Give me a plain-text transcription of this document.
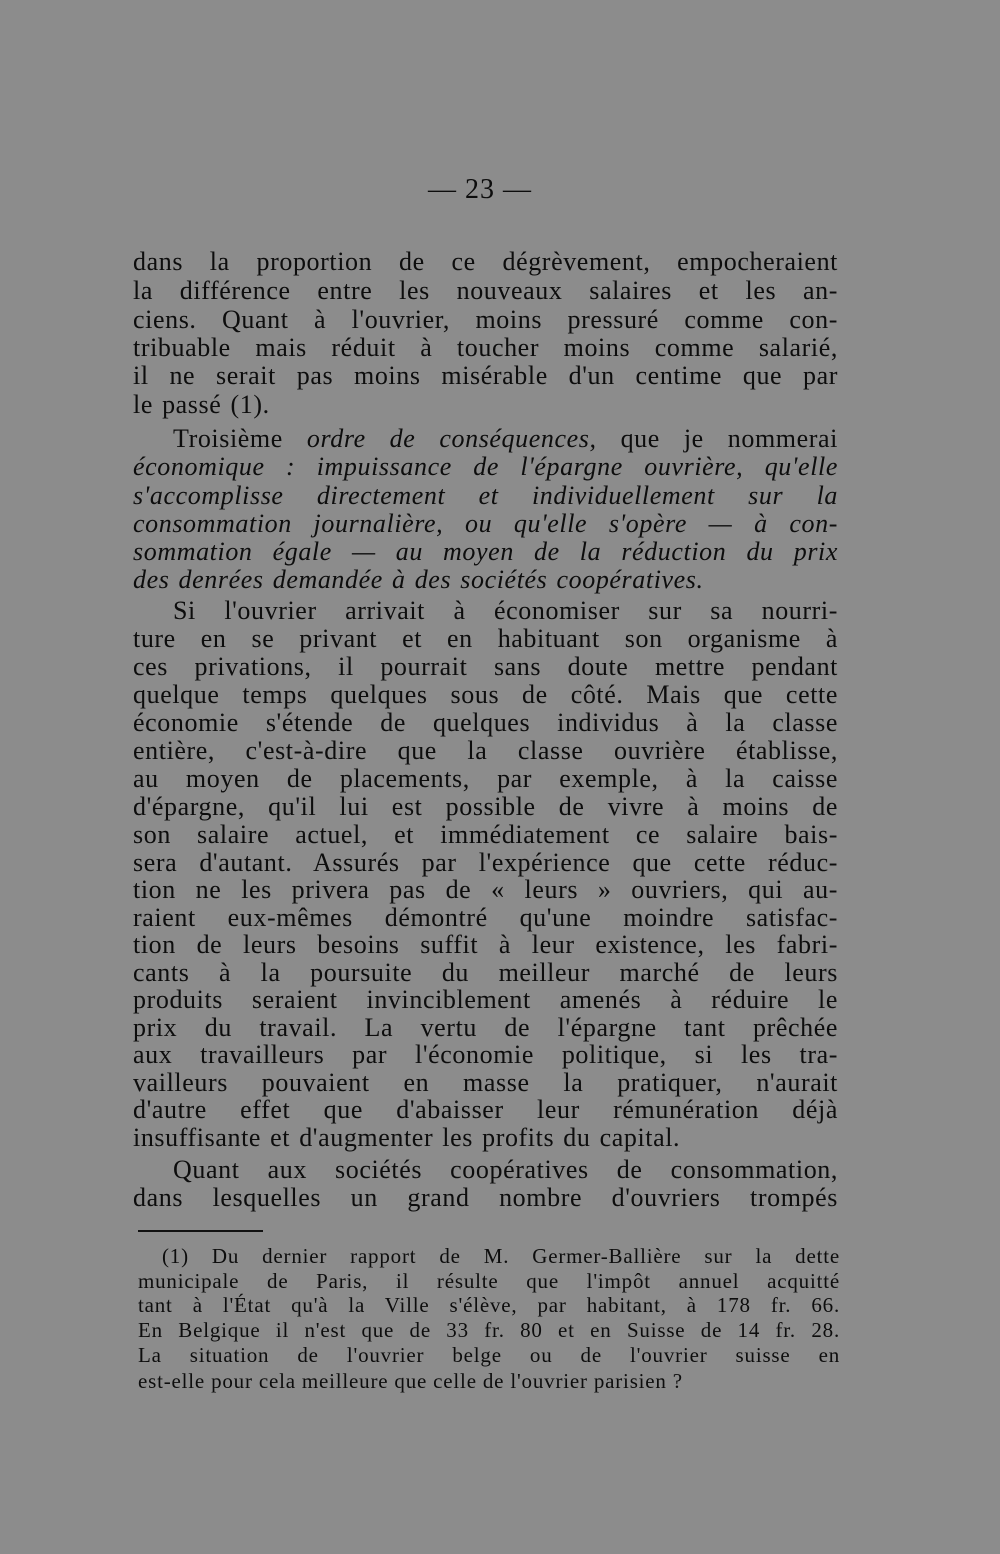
— 23 —
dans la proportion de ce dégrèvement, empocheraient
la différence entre les nouveaux salaires et les an-
ciens. Quant à l'ouvrier, moins pressuré comme con-
tribuable mais réduit à toucher moins comme salarié,
il ne serait pas moins misérable d'un centime que par
le passé (1).
Troisième ordre de conséquences, que je nommerai
économique : impuissance de l'épargne ouvrière, qu'elle
s'accomplisse directement et individuellement sur la
consommation journalière, ou qu'elle s'opère — à con-
sommation égale — au moyen de la réduction du prix
des denrées demandée à des sociétés coopératives.
Si l'ouvrier arrivait à économiser sur sa nourri-
ture en se privant et en habituant son organisme à
ces privations, il pourrait sans doute mettre pendant
quelque temps quelques sous de côté. Mais que cette
économie s'étende de quelques individus à la classe
entière, c'est-à-dire que la classe ouvrière établisse,
au moyen de placements, par exemple, à la caisse
d'épargne, qu'il lui est possible de vivre à moins de
son salaire actuel, et immédiatement ce salaire bais-
sera d'autant. Assurés par l'expérience que cette réduc-
tion ne les privera pas de « leurs » ouvriers, qui au-
raient eux-mêmes démontré qu'une moindre satisfac-
tion de leurs besoins suffit à leur existence, les fabri-
cants à la poursuite du meilleur marché de leurs
produits seraient invinciblement amenés à réduire le
prix du travail. La vertu de l'épargne tant prêchée
aux travailleurs par l'économie politique, si les tra-
vailleurs pouvaient en masse la pratiquer, n'aurait
d'autre effet que d'abaisser leur rémunération déjà
insuffisante et d'augmenter les profits du capital.
Quant aux sociétés coopératives de consommation,
dans lesquelles un grand nombre d'ouvriers trompés
(1) Du dernier rapport de M. Germer-Ballière sur la dette
municipale de Paris, il résulte que l'impôt annuel acquitté
tant à l'État qu'à la Ville s'élève, par habitant, à 178 fr. 66.
En Belgique il n'est que de 33 fr. 80 et en Suisse de 14 fr. 28.
La situation de l'ouvrier belge ou de l'ouvrier suisse en
est-elle pour cela meilleure que celle de l'ouvrier parisien ?
